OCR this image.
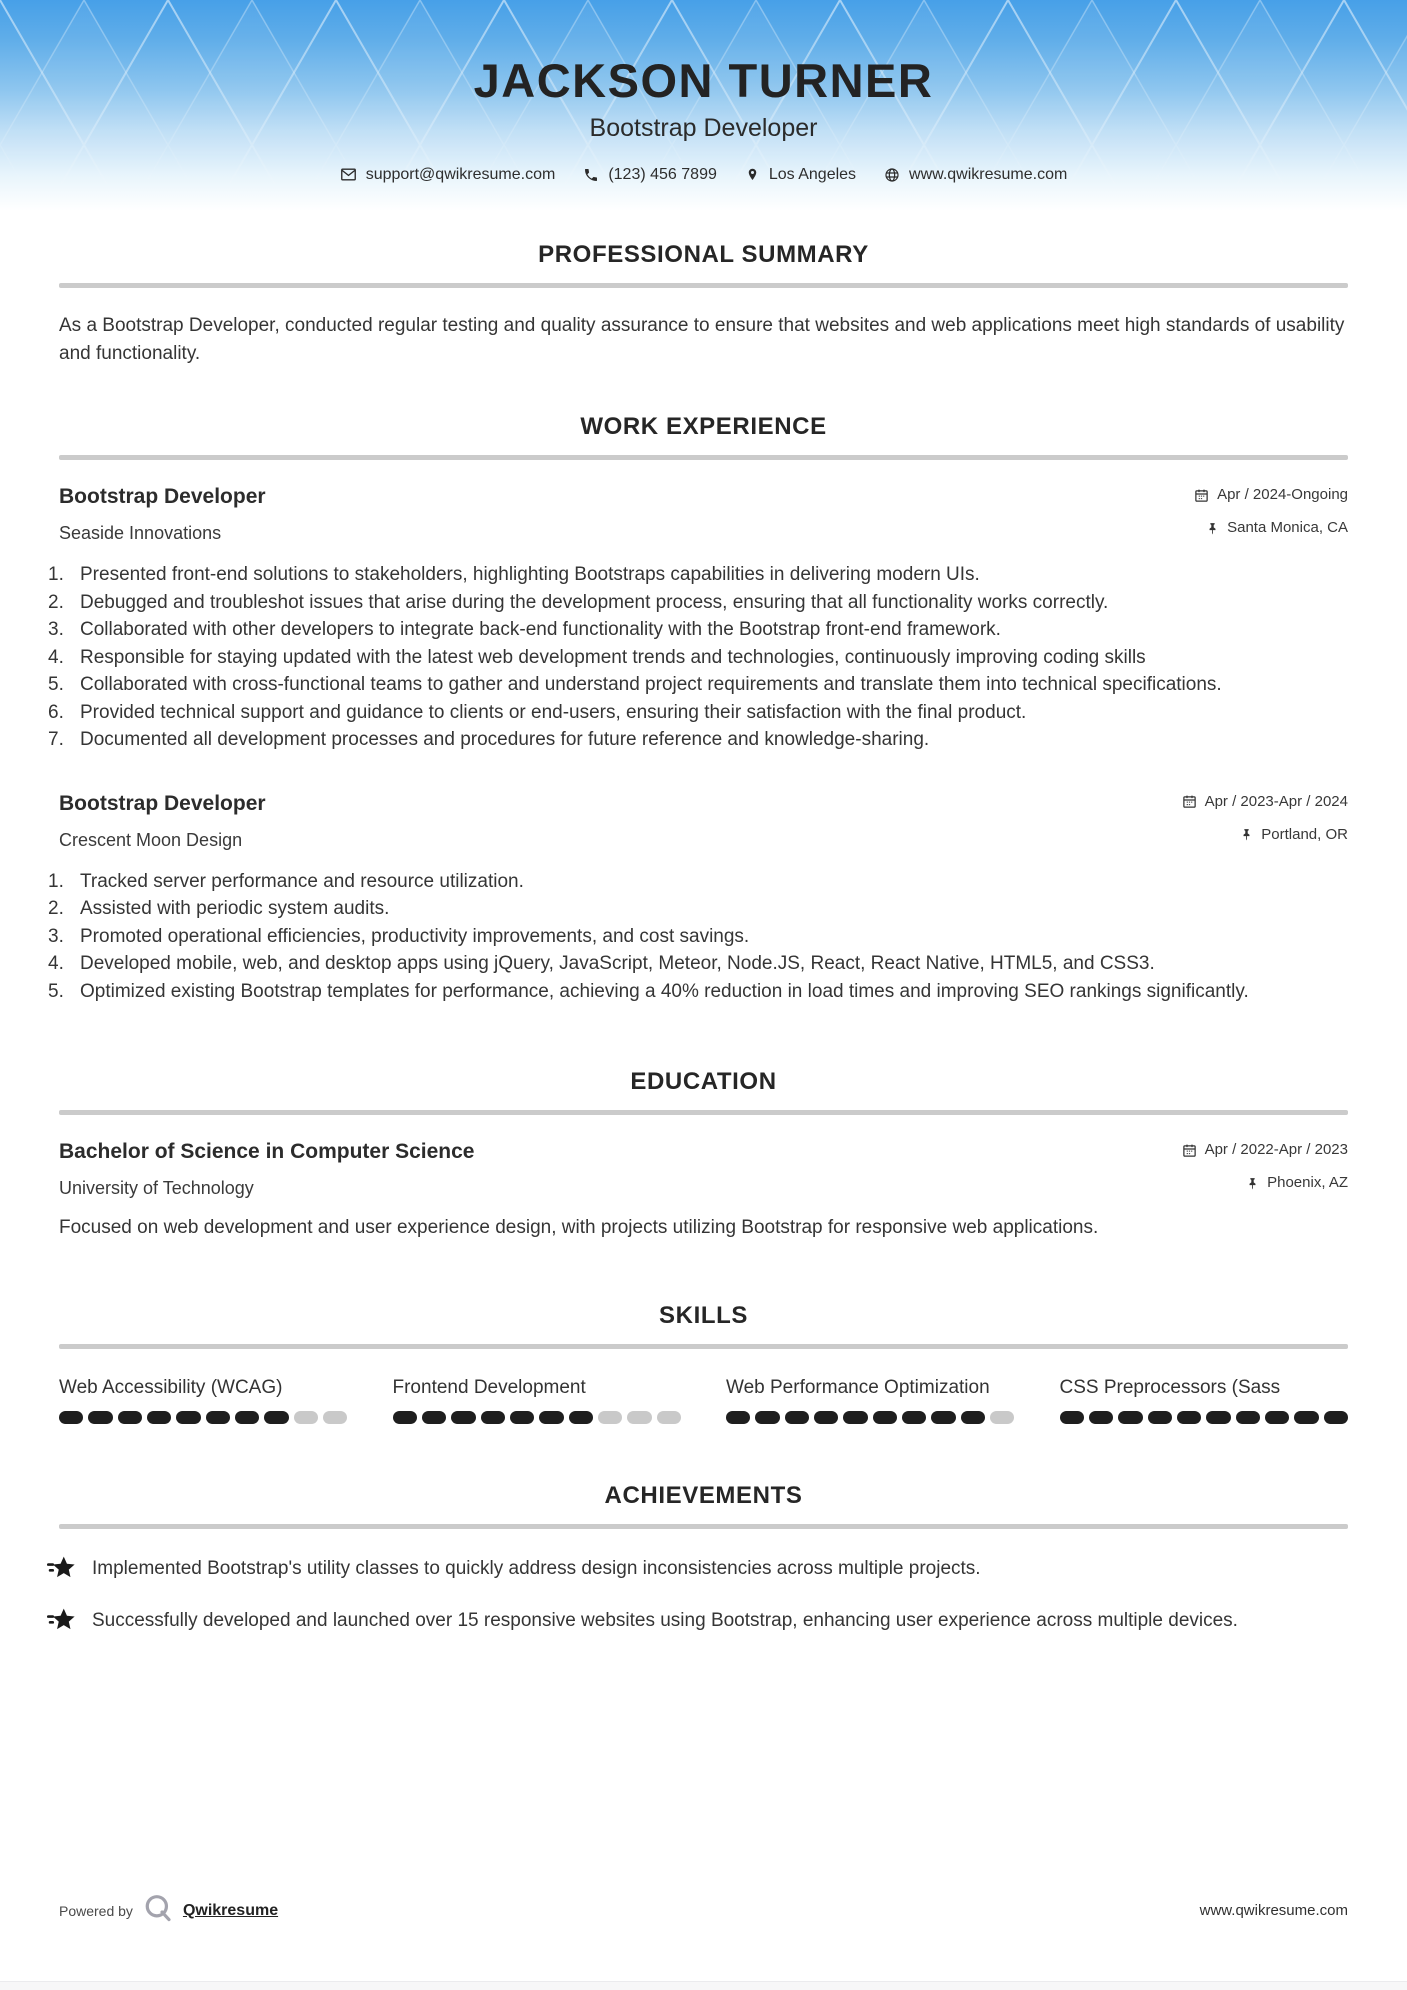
JACKSON TURNER
Bootstrap Developer
support@qwikresume.com	(123) 456 7899	Los Angeles	www.qwikresume.com
PROFESSIONAL SUMMARY

As a Bootstrap Developer, conducted regular testing and quality assurance to ensure that websites and web applications meet high standards of usability and functionality.

WORK EXPERIENCE
Bootstrap Developer
Seaside Innovations
Apr / 2024-Ongoing
Santa Monica, CA
Presented front-end solutions to stakeholders, highlighting Bootstraps capabilities in delivering modern UIs.
Debugged and troubleshot issues that arise during the development process, ensuring that all functionality works correctly.
Collaborated with other developers to integrate back-end functionality with the Bootstrap front-end framework.
Responsible for staying updated with the latest web development trends and technologies, continuously improving coding skills
Collaborated with cross-functional teams to gather and understand project requirements and translate them into technical specifications.
Provided technical support and guidance to clients or end-users, ensuring their satisfaction with the final product.
Documented all development processes and procedures for future reference and knowledge-sharing.
Bootstrap Developer
Crescent Moon Design
Apr / 2023-Apr / 2024
Portland, OR
Tracked server performance and resource utilization.
Assisted with periodic system audits.
Promoted operational efficiencies, productivity improvements, and cost savings.
Developed mobile, web, and desktop apps using jQuery, JavaScript, Meteor, Node.JS, React, React Native, HTML5, and CSS3.
Optimized existing Bootstrap templates for performance, achieving a 40% reduction in load times and improving SEO rankings significantly.
EDUCATION
Bachelor of Science in Computer Science
University of Technology
Apr / 2022-Apr / 2023
Phoenix, AZ

Focused on web development and user experience design, with projects utilizing Bootstrap for responsive web applications.

SKILLS
Web Accessibility (WCAG)	Frontend Development	Web Performance Optimization	CSS Preprocessors (Sass
ACHIEVEMENTS
Implemented Bootstrap's utility classes to quickly address design inconsistencies across multiple projects.
Successfully developed and launched over 15 responsive websites using Bootstrap, enhancing user experience across multiple devices.
Powered by	Qwikresume	www.qwikresume.com
